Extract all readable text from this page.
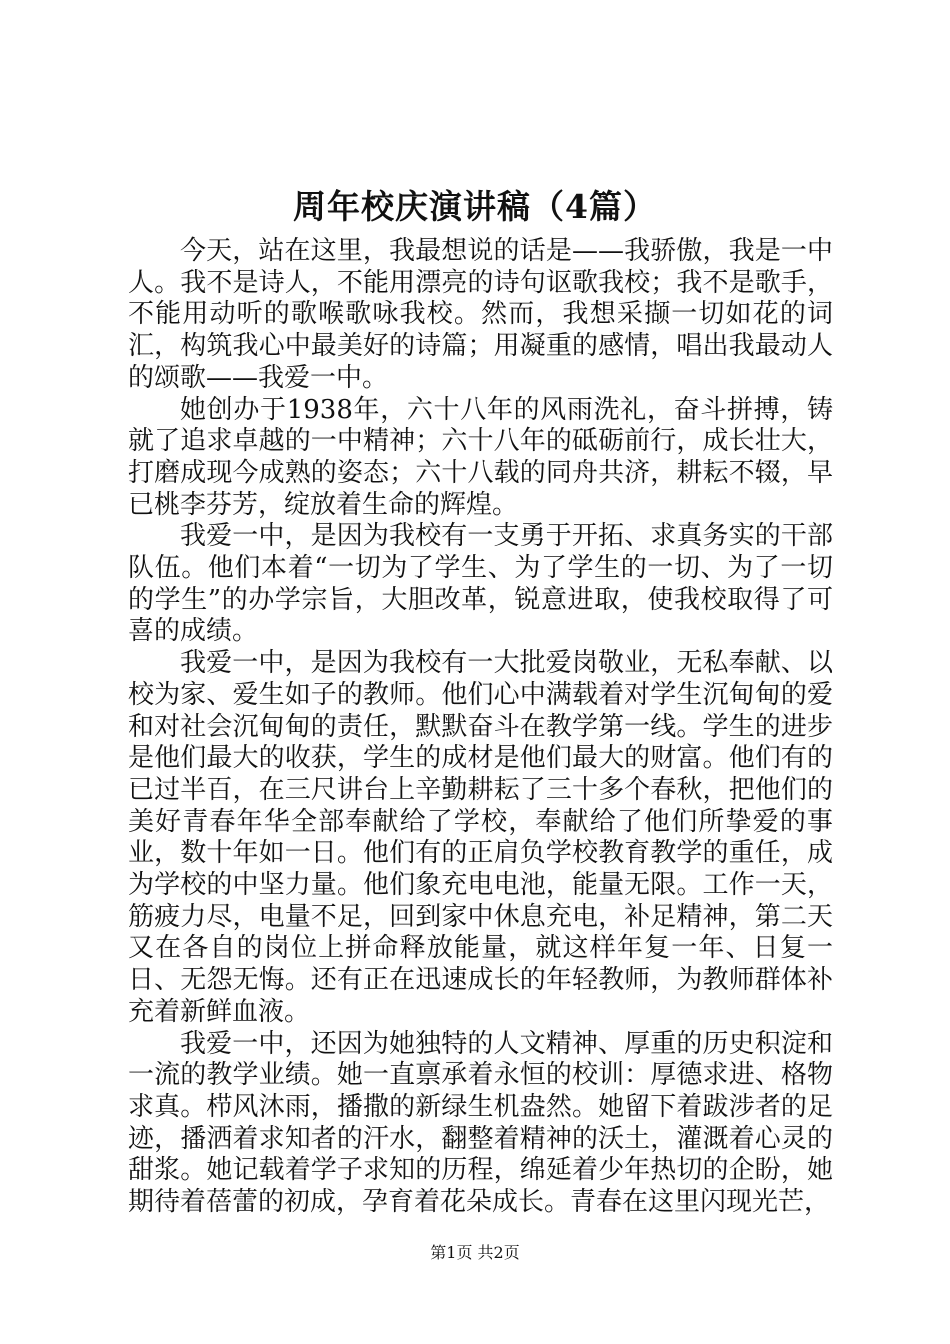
周年校庆演讲稿（4篇）

今天，站在这里，我最想说的话是——我骄傲，我是一中人。我不是诗人，不能用漂亮的诗句讴歌我校；我不是歌手，不能用动听的歌喉歌咏我校。然而，我想采撷一切如花的词汇，构筑我心中最美好的诗篇；用凝重的感情，唱出我最动人的颂歌——我爱一中。

她创办于1938年，六十八年的风雨洗礼，奋斗拼搏，铸就了追求卓越的一中精神；六十八年的砥砺前行，成长壮大，打磨成现今成熟的姿态；六十八载的同舟共济，耕耘不辍，早已桃李芬芳，绽放着生命的辉煌。

我爱一中，是因为我校有一支勇于开拓、求真务实的干部队伍。他们本着“一切为了学生、为了学生的一切、为了一切的学生”的办学宗旨，大胆改革，锐意进取，使我校取得了可喜的成绩。

我爱一中，是因为我校有一大批爱岗敬业，无私奉献、以校为家、爱生如子的教师。他们心中满载着对学生沉甸甸的爱和对社会沉甸甸的责任，默默奋斗在教学第一线。学生的进步是他们最大的收获，学生的成材是他们最大的财富。他们有的已过半百，在三尺讲台上辛勤耕耘了三十多个春秋，把他们的美好青春年华全部奉献给了学校，奉献给了他们所挚爱的事业，数十年如一日。他们有的正肩负学校教育教学的重任，成为学校的中坚力量。他们象充电电池，能量无限。工作一天，筋疲力尽，电量不足，回到家中休息充电，补足精神，第二天又在各自的岗位上拼命释放能量，就这样年复一年、日复一日、无怨无悔。还有正在迅速成长的年轻教师，为教师群体补充着新鲜血液。

我爱一中，还因为她独特的人文精神、厚重的历史积淀和一流的教学业绩。她一直禀承着永恒的校训：厚德求进、格物求真。栉风沐雨，播撒的新绿生机盎然。她留下着跋涉者的足迹，播洒着求知者的汗水，翻整着精神的沃土，灌溉着心灵的甜浆。她记载着学子求知的历程，绵延着少年热切的企盼，她期待着蓓蕾的初成，孕育着花朵成长。青春在这里闪现光芒，

第1页 共2页
